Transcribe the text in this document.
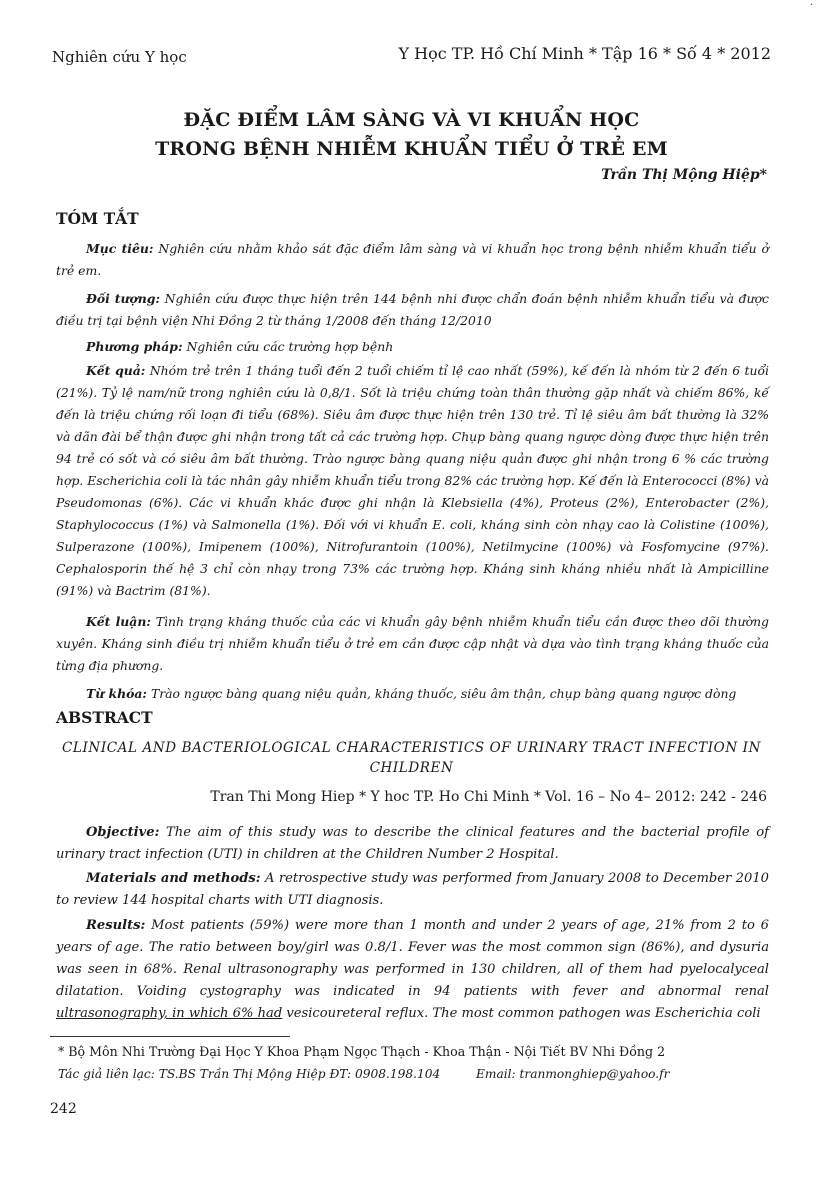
·
Nghiên cứu Y học	Y Học TP. Hồ Chí Minh * Tập 16 * Số 4 * 2012
ĐẶC ĐIỂM LÂM SÀNG VÀ VI KHUẨN HỌC
TRONG BỆNH NHIỄM KHUẨN TIỂU Ở TRẺ EM
Trần Thị Mộng Hiệp*
TÓM TẮT
Mục tiêu: Nghiên cứu nhằm khảo sát đặc điểm lâm sàng và vi khuẩn học trong bệnh nhiễm khuẩn tiểu ở trẻ em.
Đối tượng: Nghiên cứu được thực hiện trên 144 bệnh nhi được chẩn đoán bệnh nhiễm khuẩn tiểu và được điều trị tại bệnh viện Nhi Đồng 2 từ tháng 1/2008 đến tháng 12/2010
Phương pháp: Nghiên cứu các trường hợp bệnh
Kết quả: Nhóm trẻ trên 1 tháng tuổi đến 2 tuổi chiếm tỉ lệ cao nhất (59%), kế đến là nhóm từ 2 đến 6 tuổi (21%). Tỷ lệ nam/nữ trong nghiên cứu là 0,8/1. Sốt là triệu chứng toàn thân thường gặp nhất và chiếm 86%, kế đến là triệu chứng rối loạn đi tiểu (68%). Siêu âm được thực hiện trên 130 trẻ. Tỉ lệ siêu âm bất thường là 32% và dãn đài bể thận được ghi nhận trong tất cả các trường hợp. Chụp bàng quang ngược dòng được thực hiện trên 94 trẻ có sốt và có siêu âm bất thường. Trào ngược bàng quang niệu quản được ghi nhận trong 6 % các trường hợp. Escherichia coli là tác nhân gây nhiễm khuẩn tiểu trong 82% các trường hợp. Kế đến là Enterococci (8%) và Pseudomonas (6%). Các vi khuẩn khác được ghi nhận là Klebsiella (4%), Proteus (2%), Enterobacter (2%), Staphylococcus (1%) và Salmonella (1%). Đối với vi khuẩn E. coli, kháng sinh còn nhạy cao là Colistine (100%), Sulperazone (100%), Imipenem (100%), Nitrofurantoin (100%), Netilmycine (100%) và Fosfomycine (97%). Cephalosporin thế hệ 3 chỉ còn nhạy trong 73% các trường hợp. Kháng sinh kháng nhiều nhất là Ampicilline (91%) và Bactrim (81%).
Kết luận: Tình trạng kháng thuốc của các vi khuẩn gây bệnh nhiễm khuẩn tiểu cần được theo dõi thường xuyên. Kháng sinh điều trị nhiễm khuẩn tiểu ở trẻ em cần được cập nhật và dựa vào tình trạng kháng thuốc của từng địa phương.
Từ khóa: Trào ngược bàng quang niệu quản, kháng thuốc, siêu âm thận, chụp bàng quang ngược dòng
ABSTRACT
CLINICAL AND BACTERIOLOGICAL CHARACTERISTICS OF URINARY TRACT INFECTION IN CHILDREN
Tran Thi Mong Hiep * Y hoc TP. Ho Chi Minh * Vol. 16 – No 4– 2012: 242 - 246
Objective: The aim of this study was to describe the clinical features and the bacterial profile of urinary tract infection (UTI) in children at the Children Number 2 Hospital.
Materials and methods: A retrospective study was performed from January 2008 to December 2010 to review 144 hospital charts with UTI diagnosis.
Results: Most patients (59%) were more than 1 month and under 2 years of age, 21% from 2 to 6 years of age. The ratio between boy/girl was 0.8/1. Fever was the most common sign (86%), and dysuria was seen in 68%. Renal ultrasonography was performed in 130 children, all of them had pyelocalyceal dilatation. Voiding cystography was indicated in 94 patients with fever and abnormal renal ultrasonography, in which 6% had vesicoureteral reflux. The most common pathogen was Escherichia coli
* Bộ Môn Nhi Trường Đại Học Y Khoa Phạm Ngọc Thạch - Khoa Thận - Nội Tiết BV Nhi Đồng 2
Tác giả liên lạc: TS.BS Trần Thị Mộng Hiệp ĐT: 0908.198.104	Email: tranmonghiep@yahoo.fr
242
